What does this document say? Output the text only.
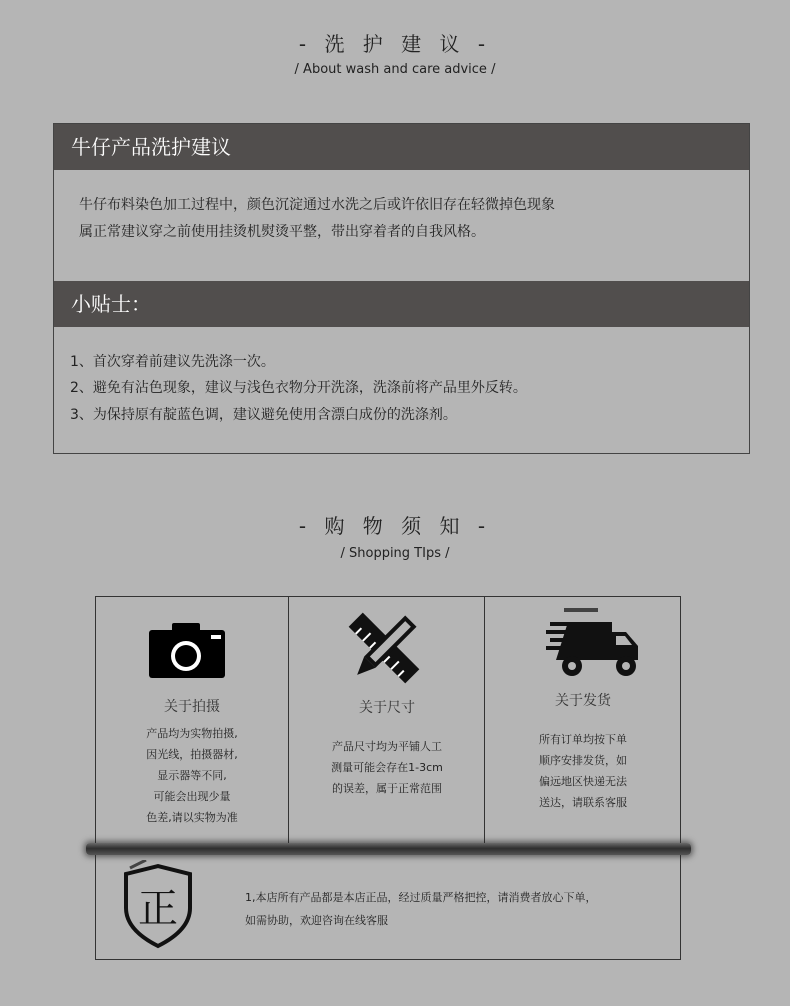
- 洗 护 建 议 -
/ About wash and care advice /
牛仔产品洗护建议
牛仔布料染色加工过程中，颜色沉淀通过水洗之后或许依旧存在轻微掉色现象
属正常建议穿之前使用挂烫机熨烫平整，带出穿着者的自我风格。
小贴士：
1、首次穿着前建议先洗涤一次。
2、避免有沾色现象，建议与浅色衣物分开洗涤，洗涤前将产品里外反转。
3、为保持原有靛蓝色调，建议避免使用含漂白成份的洗涤剂。
- 购 物 须 知 -
/ Shopping TIps /
关于拍摄
产品均为实物拍摄,
因光线，拍摄器材,
显示器等不同,
可能会出现少量
色差,请以实物为准
关于尺寸
产品尺寸均为平铺人工
测量可能会存在1-3cm
的误差，属于正常范围
关于发货
所有订单均按下单
顺序安排发货，如
偏远地区快递无法
送达，请联系客服
正	1,本店所有产品都是本店正品，经过质量严格把控，请消费者放心下单，
如需协助，欢迎咨询在线客服
